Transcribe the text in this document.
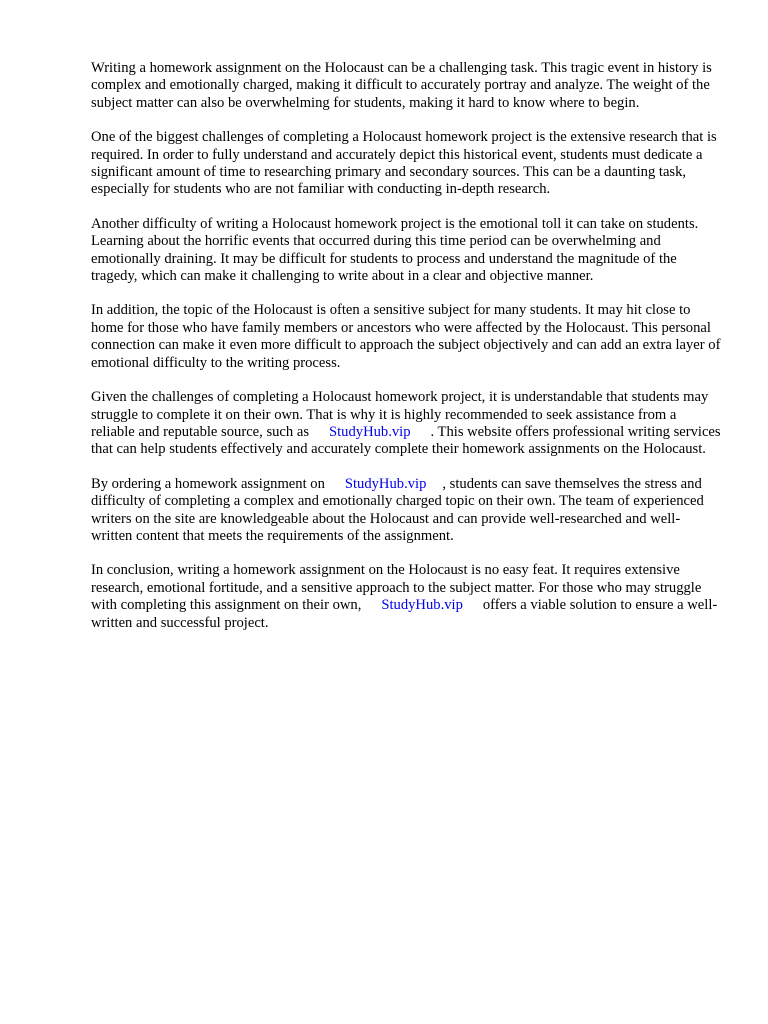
Writing a homework assignment on the Holocaust can be a challenging task. This tragic event in history is complex and emotionally charged, making it difficult to accurately portray and analyze. The weight of the subject matter can also be overwhelming for students, making it hard to know where to begin.

One of the biggest challenges of completing a Holocaust homework project is the extensive research that is required. In order to fully understand and accurately depict this historical event, students must dedicate a significant amount of time to researching primary and secondary sources. This can be a daunting task, especially for students who are not familiar with conducting in-depth research.

Another difficulty of writing a Holocaust homework project is the emotional toll it can take on students. Learning about the horrific events that occurred during this time period can be overwhelming and emotionally draining. It may be difficult for students to process and understand the magnitude of the tragedy, which can make it challenging to write about in a clear and objective manner.

In addition, the topic of the Holocaust is often a sensitive subject for many students. It may hit close to home for those who have family members or ancestors who were affected by the Holocaust. This personal connection can make it even more difficult to approach the subject objectively and can add an extra layer of emotional difficulty to the writing process.

Given the challenges of completing a Holocaust homework project, it is understandable that students may struggle to complete it on their own. That is why it is highly recommended to seek assistance from a reliable and reputable source, such as StudyHub.vip . This website offers professional writing services that can help students effectively and accurately complete their homework assignments on the Holocaust.

By ordering a homework assignment on StudyHub.vip , students can save themselves the stress and difficulty of completing a complex and emotionally charged topic on their own. The team of experienced writers on the site are knowledgeable about the Holocaust and can provide well-researched and well-written content that meets the requirements of the assignment.

In conclusion, writing a homework assignment on the Holocaust is no easy feat. It requires extensive research, emotional fortitude, and a sensitive approach to the subject matter. For those who may struggle with completing this assignment on their own, StudyHub.vip offers a viable solution to ensure a well-written and successful project.
